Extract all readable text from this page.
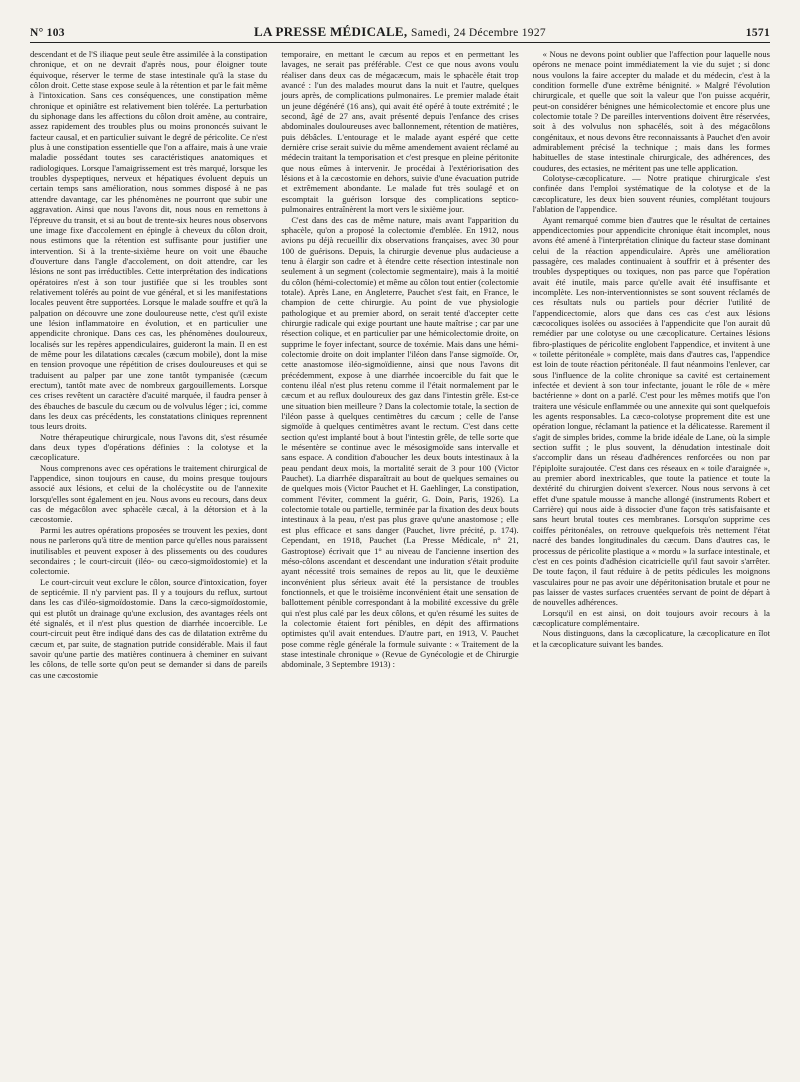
N° 103	LA PRESSE MÉDICALE, Samedi, 24 Décembre 1927	1571

descendant et de l'S iliaque peut seule être assimilée à la constipation chronique, et on ne devrait d'après nous, pour éloigner toute équivoque, réserver le terme de stase intestinale qu'à la stase du côlon droit. Cette stase expose seule à la rétention et par le fait même à l'intoxication. Sans ces conséquences, une constipation même chronique et opiniâtre est relativement bien tolérée. La perturbation du siphonage dans les affections du côlon droit amène, au contraire, assez rapidement des troubles plus ou moins prononcés suivant le facteur causal, et en particulier suivant le degré de péricolite. Ce n'est plus à une constipation essentielle que l'on a affaire, mais à une vraie maladie possédant toutes ses caractéristiques anatomiques et radiologiques. Lorsque l'amaigrissement est très marqué, lorsque les troubles dyspeptiques, nerveux et hépatiques évoluent depuis un certain temps sans amélioration, nous sommes disposé à ne pas attendre davantage, car les phénomènes ne pourront que subir une aggravation. Ainsi que nous l'avons dit, nous nous en remettons à l'épreuve du transit, et si au bout de trente-six heures nous observons une image fixe d'accolement en épingle à cheveux du côlon droit, nous estimons que la rétention est suffisante pour justifier une intervention. Si à la trente-sixième heure on voit une ébauche d'ouverture dans l'angle d'accolement, on doit attendre, car les lésions ne sont pas irréductibles. Cette interprétation des indications opératoires n'est à son tour justifiée que si les troubles sont relativement tolérés au point de vue général, et si les manifestations locales peuvent être supportées. Lorsque le malade souffre et qu'à la palpation on découvre une zone douloureuse nette, c'est qu'il existe une lésion inflammatoire en évolution, et en particulier une appendicite chronique. Dans ces cas, les phénomènes douloureux, localisés sur les repères appendiculaires, guideront la main. Il en est de même pour les dilatations cæcales (cæcum mobile), dont la mise en tension provoque une répétition de crises douloureuses et qui se traduisent au palper par une zone tantôt tympanisée (cæcum erectum), tantôt mate avec de nombreux gargouillements. Lorsque ces crises revêtent un caractère d'acuité marquée, il faudra penser à des ébauches de bascule du cæcum ou de volvulus léger ; ici, comme dans les deux cas précédents, les constatations cliniques reprennent tous leurs droits.

Notre thérapeutique chirurgicale, nous l'avons dit, s'est résumée dans deux types d'opérations définies : la colotyse et la cæcoplicature.

Nous comprenons avec ces opérations le traitement chirurgical de l'appendice, sinon toujours en cause, du moins presque toujours associé aux lésions, et celui de la cholécystite ou de l'annexite lorsqu'elles sont également en jeu. Nous avons eu recours, dans deux cas de mégacôlon avec sphacèle cæcal, à la détorsion et à la cæcostomie.

Parmi les autres opérations proposées se trouvent les pexies, dont nous ne parlerons qu'à titre de mention parce qu'elles nous paraissent inutilisables et peuvent exposer à des plissements ou des coudures secondaires ; le court-circuit (iléo- ou cæco-sigmoïdostomie) et la colectomie.

Le court-circuit veut exclure le côlon, source d'intoxication, foyer de septicémie. Il n'y parvient pas. Il y a toujours du reflux, surtout dans les cas d'iléo-sigmoïdostomie. Dans la cæco-sigmoïdostomie, qui est plutôt un drainage qu'une exclusion, des avantages réels ont été signalés, et il n'est plus question de diarrhée incoercible. Le court-circuit peut être indiqué dans des cas de dilatation extrême du cæcum et, par suite, de stagnation putride considérable. Mais il faut savoir qu'une partie des matières continuera à cheminer en suivant les côlons, de telle sorte qu'on peut se demander si dans de pareils cas une cæcostomie

temporaire, en mettant le cæcum au repos et en permettant les lavages, ne serait pas préférable. C'est ce que nous avons voulu réaliser dans deux cas de mégacæcum, mais le sphacèle était trop avancé : l'un des malades mourut dans la nuit et l'autre, quelques jours après, de complications pulmonaires. Le premier malade était un jeune dégénéré (16 ans), qui avait été opéré à toute extrémité ; le second, âgé de 27 ans, avait présenté depuis l'enfance des crises abdominales douloureuses avec ballonnement, rétention de matières, puis débâcles. L'entourage et le malade ayant espéré que cette dernière crise serait suivie du même amendement avaient réclamé au médecin traitant la temporisation et c'est presque en pleine péritonite que nous eûmes à intervenir. Je procédai à l'extériorisation des lésions et à la cæcostomie en dehors, suivie d'une évacuation putride et extrêmement abondante. Le malade fut très soulagé et on escomptait la guérison lorsque des complications septico-pulmonaires entraînèrent la mort vers le sixième jour.

C'est dans des cas de même nature, mais avant l'apparition du sphacèle, qu'on a proposé la colectomie d'emblée. En 1912, nous avions pu déjà recueillir dix observations françaises, avec 30 pour 100 de guérisons. Depuis, la chirurgie devenue plus audacieuse a tenu à élargir son cadre et à étendre cette résection intestinale non seulement à un segment (colectomie segmentaire), mais à la moitié du côlon (hémi-colectomie) et même au côlon tout entier (colectomie totale). Après Lane, en Angleterre, Pauchet s'est fait, en France, le champion de cette chirurgie. Au point de vue physiologie pathologique et au premier abord, on serait tenté d'accepter cette chirurgie radicale qui exige pourtant une haute maîtrise ; car par une résection colique, et en particulier par une hémicolectomie droite, on supprime le foyer infectant, source de toxémie. Mais dans une hémi-colectomie droite on doit implanter l'iléon dans l'anse sigmoïde. Or, cette anastomose iléo-sigmoïdienne, ainsi que nous l'avons dit précédemment, expose à une diarrhée incoercible du fait que le contenu iléal n'est plus retenu comme il l'était normalement par le cæcum et au reflux douloureux des gaz dans l'intestin grêle. Est-ce une situation bien meilleure ? Dans la colectomie totale, la section de l'iléon passe à quelques centimètres du cæcum ; celle de l'anse sigmoïde à quelques centimètres avant le rectum. C'est dans cette section qu'est implanté bout à bout l'intestin grêle, de telle sorte que le mésentère se continue avec le mésosigmoïde sans intervalle et sans espace. A condition d'aboucher les deux bouts intestinaux à la peau pendant deux mois, la mortalité serait de 3 pour 100 (Victor Pauchet). La diarrhée disparaîtrait au bout de quelques semaines ou de quelques mois (Victor Pauchet et H. Gaehlinger, La constipation, comment l'éviter, comment la guérir, G. Doin, Paris, 1926). La colectomie totale ou partielle, terminée par la fixation des deux bouts intestinaux à la peau, n'est pas plus grave qu'une anastomose ; elle est plus efficace et sans danger (Pauchet, livre précité, p. 174). Cependant, en 1918, Pauchet (La Presse Médicale, n° 21, Gastroptose) écrivait que 1° au niveau de l'ancienne insertion des méso-côlons ascendant et descendant une induration s'était produite ayant nécessité trois semaines de repos au lit, que le deuxième inconvénient plus sérieux avait été la persistance de troubles fonctionnels, et que le troisième inconvénient était une sensation de ballottement pénible correspondant à la mobilité excessive du grêle qui n'est plus calé par les deux côlons, et qu'en résumé les suites de la colectomie étaient fort pénibles, en dépit des affirmations optimistes qu'il avait entendues. D'autre part, en 1913, V. Pauchet pose comme règle générale la formule suivante : « Traitement de la stase intestinale chronique » (Revue de Gynécologie et de Chirurgie abdominale, 3 Septembre 1913) :

« Nous ne devons point oublier que l'affection pour laquelle nous opérons ne menace point immédiatement la vie du sujet ; si donc nous voulons la faire accepter du malade et du médecin, c'est à la condition formelle d'une extrême bénignité. » Malgré l'évolution chirurgicale, et quelle que soit la valeur que l'on puisse acquérir, peut-on considérer bénignes une hémicolectomie et encore plus une colectomie totale ? De pareilles interventions doivent être réservées, soit à des volvulus non sphacélés, soit à des mégacôlons congénitaux, et nous devons être reconnaissants à Pauchet d'en avoir admirablement précisé la technique ; mais dans les formes habituelles de stase intestinale chirurgicale, des adhérences, des coudures, des ectasies, ne méritent pas une telle application.

Colotyse-cæcoplicature. — Notre pratique chirurgicale s'est confinée dans l'emploi systématique de la colotyse et de la cæcoplicature, les deux bien souvent réunies, complétant toujours l'ablation de l'appendice.

Ayant remarqué comme bien d'autres que le résultat de certaines appendicectomies pour appendicite chronique était incomplet, nous avons été amené à l'interprétation clinique du facteur stase dominant celui de la réaction appendiculaire. Après une amélioration passagère, ces malades continuaient à souffrir et à présenter des troubles dyspeptiques ou toxiques, non pas parce que l'opération avait été inutile, mais parce qu'elle avait été insuffisante et incomplète. Les non-interventionnistes se sont souvent réclamés de ces résultats nuls ou partiels pour décrier l'utilité de l'appendicectomie, alors que dans ces cas c'est aux lésions cæcocoliques isolées ou associées à l'appendicite que l'on aurait dû remédier par une colotyse ou une cæcoplicature. Certaines lésions fibro-plastiques de péricolite englobent l'appendice, et invitent à une « toilette péritonéale » complète, mais dans d'autres cas, l'appendice est loin de toute réaction péritonéale. Il faut néanmoins l'enlever, car sous l'influence de la colite chronique sa cavité est certainement infectée et devient à son tour infectante, jouant le rôle de « mère bactérienne » dont on a parlé. C'est pour les mêmes motifs que l'on traitera une vésicule enflammée ou une annexite qui sont quelquefois les agents responsables. La cæco-colotyse proprement dite est une opération longue, réclamant la patience et la délicatesse. Rarement il s'agit de simples brides, comme la bride idéale de Lane, où la simple section suffit ; le plus souvent, la dénudation intestinale doit s'accomplir dans un réseau d'adhérences renforcées ou non par l'épiploïte surajoutée. C'est dans ces réseaux en « toile d'araignée », au premier abord inextricables, que toute la patience et toute la dextérité du chirurgien doivent s'exercer. Nous nous servons à cet effet d'une spatule mousse à manche allongé (instruments Robert et Carrière) qui nous aide à dissocier d'une façon très satisfaisante et sans heurt brutal toutes ces membranes. Lorsqu'on supprime ces coiffes péritonéales, on retrouve quelquefois très nettement l'état nacré des bandes longitudinales du cæcum. Dans d'autres cas, le processus de péricolite plastique a « mordu » la surface intestinale, et c'est en ces points d'adhésion cicatricielle qu'il faut savoir s'arrêter. De toute façon, il faut réduire à de petits pédicules les moignons vasculaires pour ne pas avoir une dépéritonisation brutale et pour ne pas laisser de vastes surfaces cruentées servant de point de départ à de nouvelles adhérences.

Lorsqu'il en est ainsi, on doit toujours avoir recours à la cæcoplicature complémentaire.

Nous distinguons, dans la cæcoplicature, la cæcoplicature en îlot et la cæcoplicature suivant les bandes.
